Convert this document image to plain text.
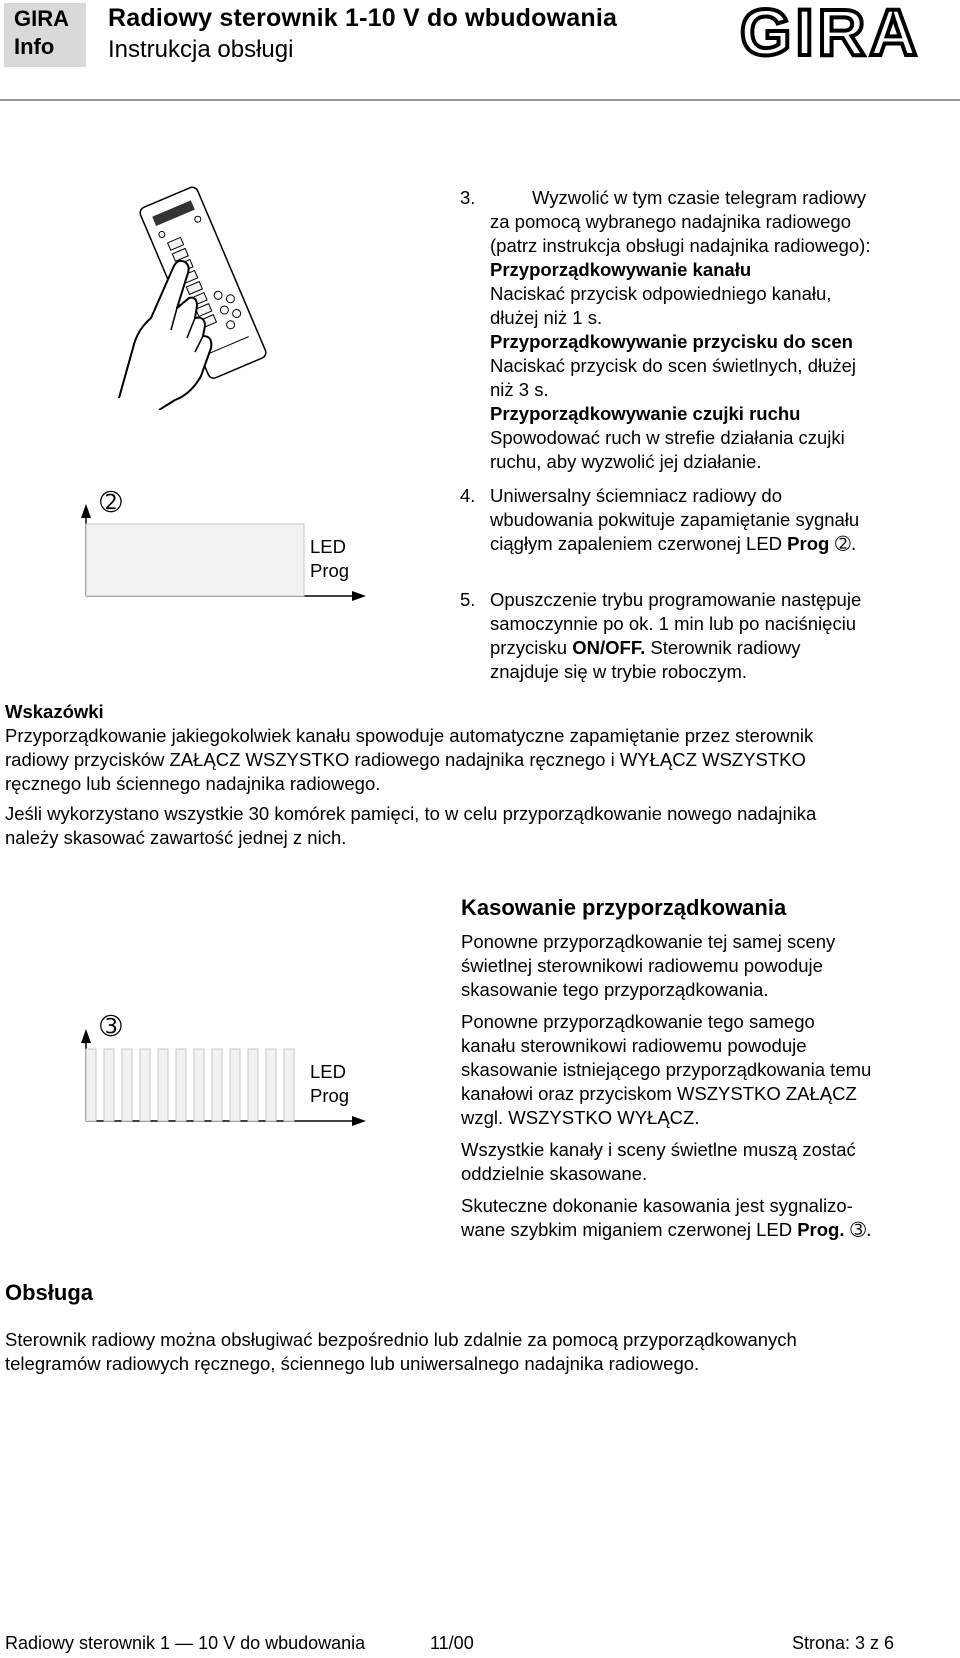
GIRA
Info
Radiowy sterownik 1-10 V do wbudowania
Instrukcja obsługi	GIRA
3.	Wyzwolić w tym czasie telegram radiowy
za pomocą wybranego nadajnika radiowego
(patrz instrukcja obsługi nadajnika radiowego):
Przyporządkowywanie kanału
Naciskać przycisk odpowiedniego kanału,
dłużej niż 1 s.
Przyporządkowywanie przycisku do scen
Naciskać przycisk do scen świetlnych, dłużej
niż 3 s.
Przyporządkowywanie czujki ruchu
Spowodować ruch w strefie działania czujki
ruchu, aby wyzwolić jej działanie.
➁
LED
Prog
4. Uniwersalny ściemniacz radiowy do
wbudowania pokwituje zapamiętanie sygnału
ciągłym zapaleniem czerwonej LED Prog ➁.
5. Opuszczenie trybu programowanie następuje
samoczynnie po ok. 1 min lub po naciśnięciu
przycisku ON/OFF. Sterownik radiowy
znajduje się w trybie roboczym.
Wskazówki
Przyporządkowanie jakiegokolwiek kanału spowoduje automatyczne zapamiętanie przez sterownik
radiowy przycisków ZAŁĄCZ WSZYSTKO radiowego nadajnika ręcznego i WYŁĄCZ WSZYSTKO
ręcznego lub ściennego nadajnika radiowego.
Jeśli wykorzystano wszystkie 30 komórek pamięci, to w celu przyporządkowanie nowego nadajnika
należy skasować zawartość jednej z nich.
➂
LED
Prog
Kasowanie przyporządkowania
Ponowne przyporządkowanie tej samej sceny
świetlnej sterownikowi radiowemu powoduje
skasowanie tego przyporządkowania.
Ponowne przyporządkowanie tego samego
kanału sterownikowi radiowemu powoduje
skasowanie istniejącego przyporządkowania temu
kanałowi oraz przyciskom WSZYSTKO ZAŁĄCZ
wzgl. WSZYSTKO WYŁĄCZ.
Wszystkie kanały i sceny świetlne muszą zostać
oddzielnie skasowane.
Skuteczne dokonanie kasowania jest sygnalizo-
wane szybkim miganiem czerwonej LED Prog. ➂.
Obsługa
Sterownik radiowy można obsługiwać bezpośrednio lub zdalnie za pomocą przyporządkowanych
telegramów radiowych ręcznego, ściennego lub uniwersalnego nadajnika radiowego.
Radiowy sterownik 1 — 10 V do wbudowania	11/00	Strona: 3 z 6
